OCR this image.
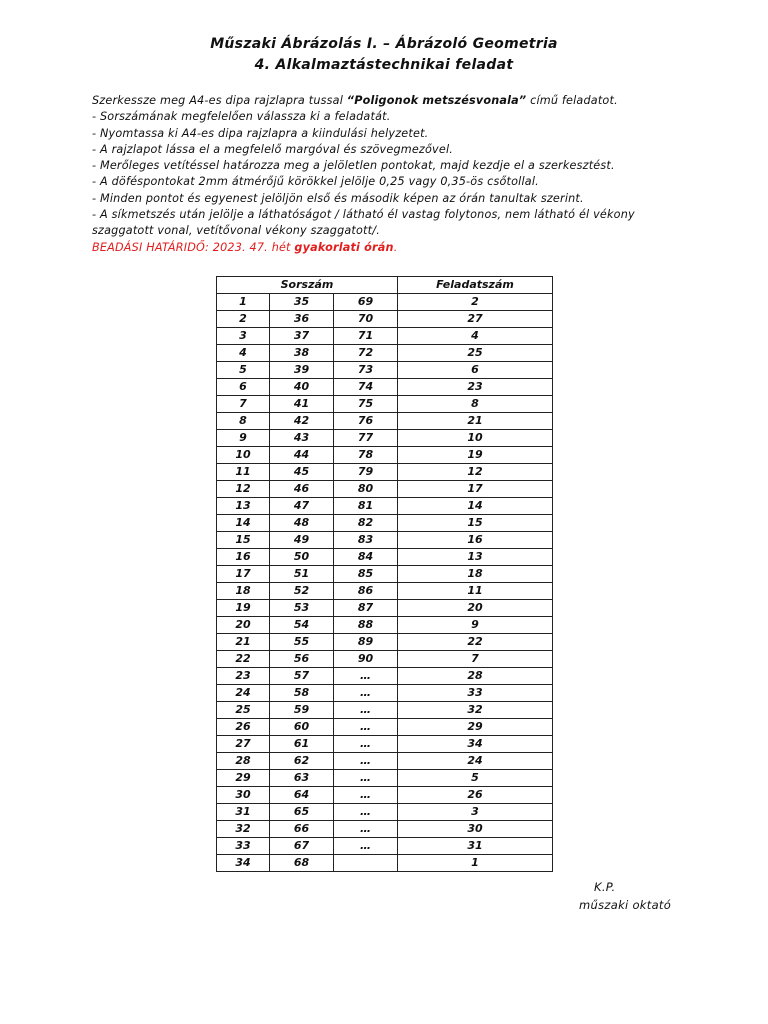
Műszaki Ábrázolás I. – Ábrázoló Geometria
4. Alkalmaztástechnikai feladat
Szerkessze meg A4-es dipa rajzlapra tussal “Poligonok metszésvonala” című feladatot.
- Sorszámának megfelelően válassza ki a feladatát.
- Nyomtassa ki A4-es dipa rajzlapra a kiindulási helyzetet.
- A rajzlapot lássa el a megfelelő margóval és szövegmezővel.
- Merőleges vetítéssel határozza meg a jelöletlen pontokat, majd kezdje el a szerkesztést.
- A döféspontokat 2mm átmérőjű körökkel jelölje 0,25 vagy 0,35-ös csőtollal.
- Minden pontot és egyenest jelöljön első és második képen az órán tanultak szerint.
- A síkmetszés után jelölje a láthatóságot / látható él vastag folytonos, nem látható él vékony
szaggatott vonal, vetítővonal vékony szaggatott/.
BEADÁSI HATÁRIDŐ: 2023. 47. hét gyakorlati órán.
Sorszám			Feladatszám
1	35	69	2
2	36	70	27
3	37	71	4
4	38	72	25
5	39	73	6
6	40	74	23
7	41	75	8
8	42	76	21
9	43	77	10
10	44	78	19
11	45	79	12
12	46	80	17
13	47	81	14
14	48	82	15
15	49	83	16
16	50	84	13
17	51	85	18
18	52	86	11
19	53	87	20
20	54	88	9
21	55	89	22
22	56	90	7
23	57	…	28
24	58	…	33
25	59	…	32
26	60	…	29
27	61	…	34
28	62	…	24
29	63	…	5
30	64	…	26
31	65	…	3
32	66	…	30
33	67	…	31
34	68		1
K.P.
műszaki oktató
